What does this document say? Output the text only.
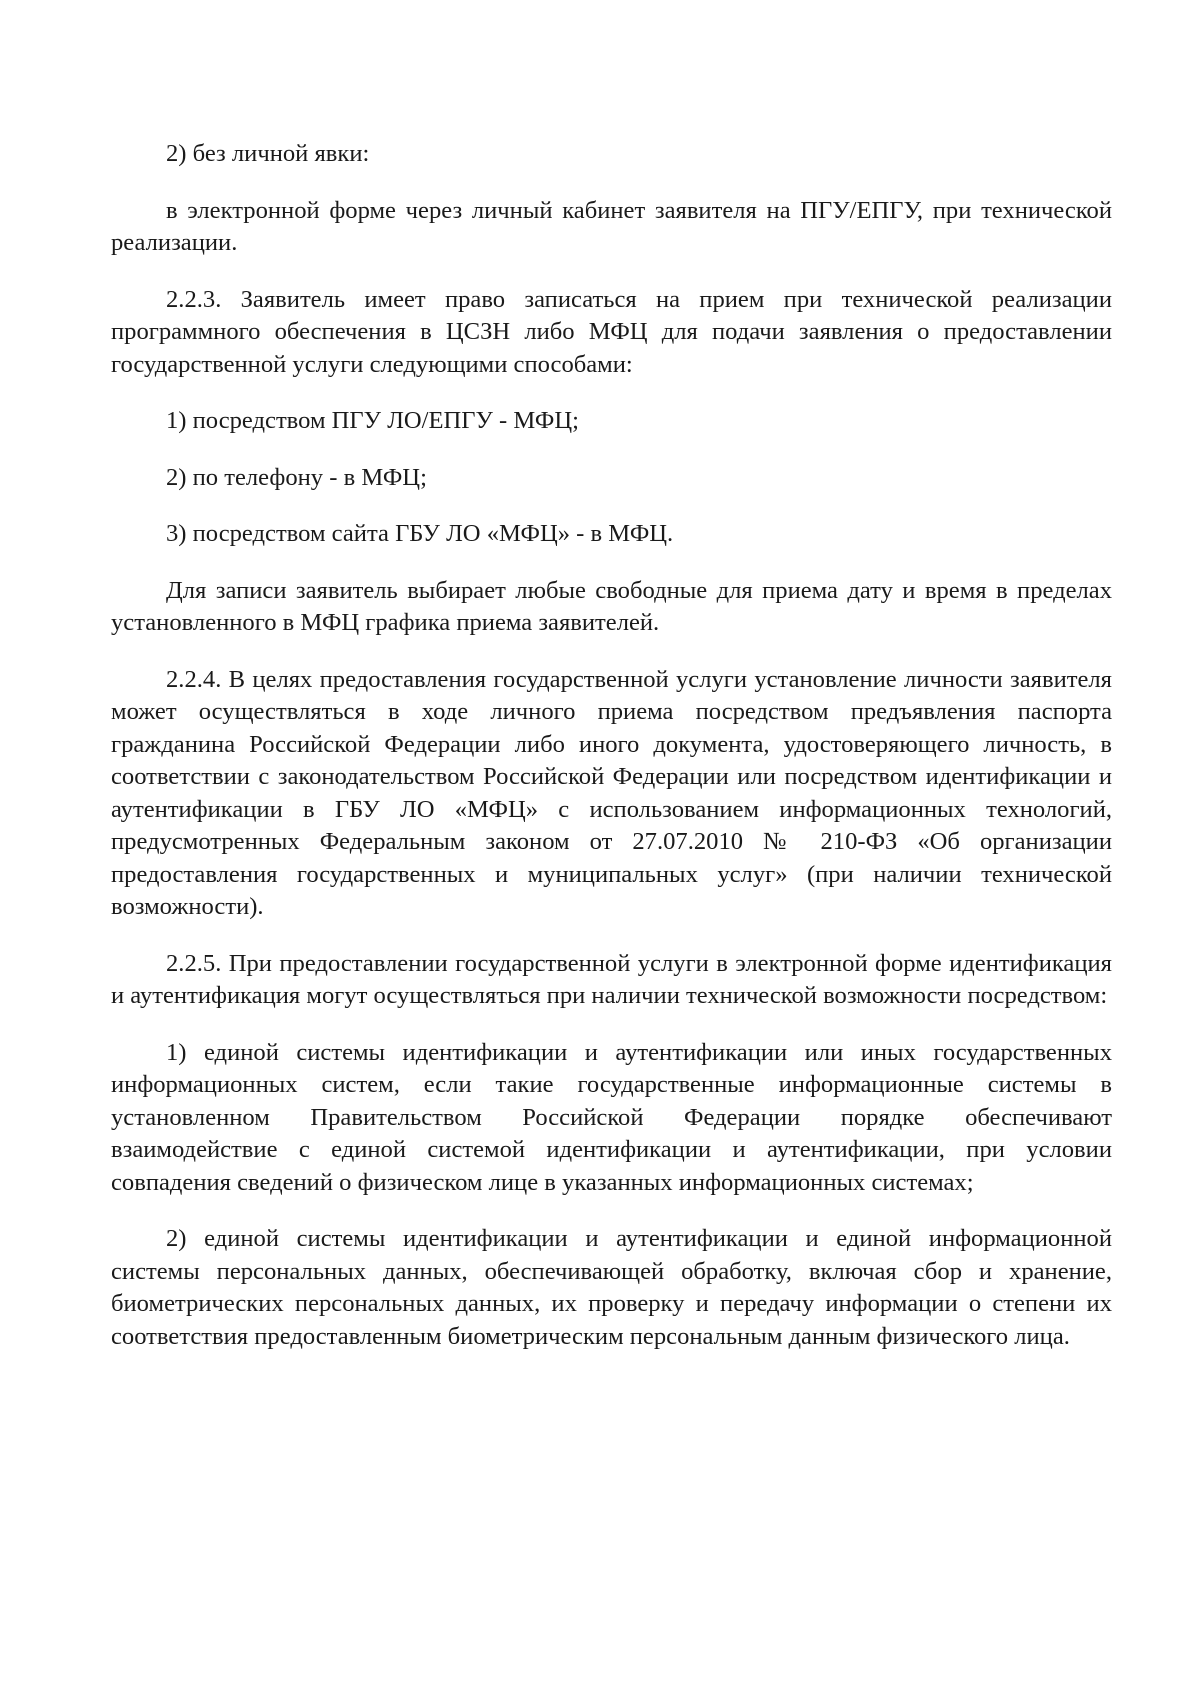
2) без личной явки:

в электронной форме через личный кабинет заявителя на ПГУ/ЕПГУ, при технической реализации.

2.2.3. Заявитель имеет право записаться на прием при технической реализации программного обеспечения в ЦСЗН либо МФЦ для подачи заявления о предоставлении государственной услуги следующими способами:

1) посредством ПГУ ЛО/ЕПГУ - МФЦ;

2) по телефону - в МФЦ;

3) посредством сайта ГБУ ЛО «МФЦ» - в МФЦ.

Для записи заявитель выбирает любые свободные для приема дату и время в пределах установленного в МФЦ графика приема заявителей.

2.2.4. В целях предоставления государственной услуги установление личности заявителя может осуществляться в ходе личного приема посредством предъявления паспорта гражданина Российской Федерации либо иного документа, удостоверяющего личность, в соответствии с законодательством Российской Федерации или посредством идентификации и аутентификации в ГБУ ЛО «МФЦ» с использованием информационных технологий, предусмотренных Федеральным законом от 27.07.2010 № 210-ФЗ «Об организации предоставления государственных и муниципальных услуг» (при наличии технической возможности).

2.2.5. При предоставлении государственной услуги в электронной форме идентификация и аутентификация могут осуществляться при наличии технической возможности посредством:

1) единой системы идентификации и аутентификации или иных государственных информационных систем, если такие государственные информационные системы в установленном Правительством Российской Федерации порядке обеспечивают взаимодействие с единой системой идентификации и аутентификации, при условии совпадения сведений о физическом лице в указанных информационных системах;

2) единой системы идентификации и аутентификации и единой информационной системы персональных данных, обеспечивающей обработку, включая сбор и хранение, биометрических персональных данных, их проверку и передачу информации о степени их соответствия предоставленным биометрическим персональным данным физического лица.
